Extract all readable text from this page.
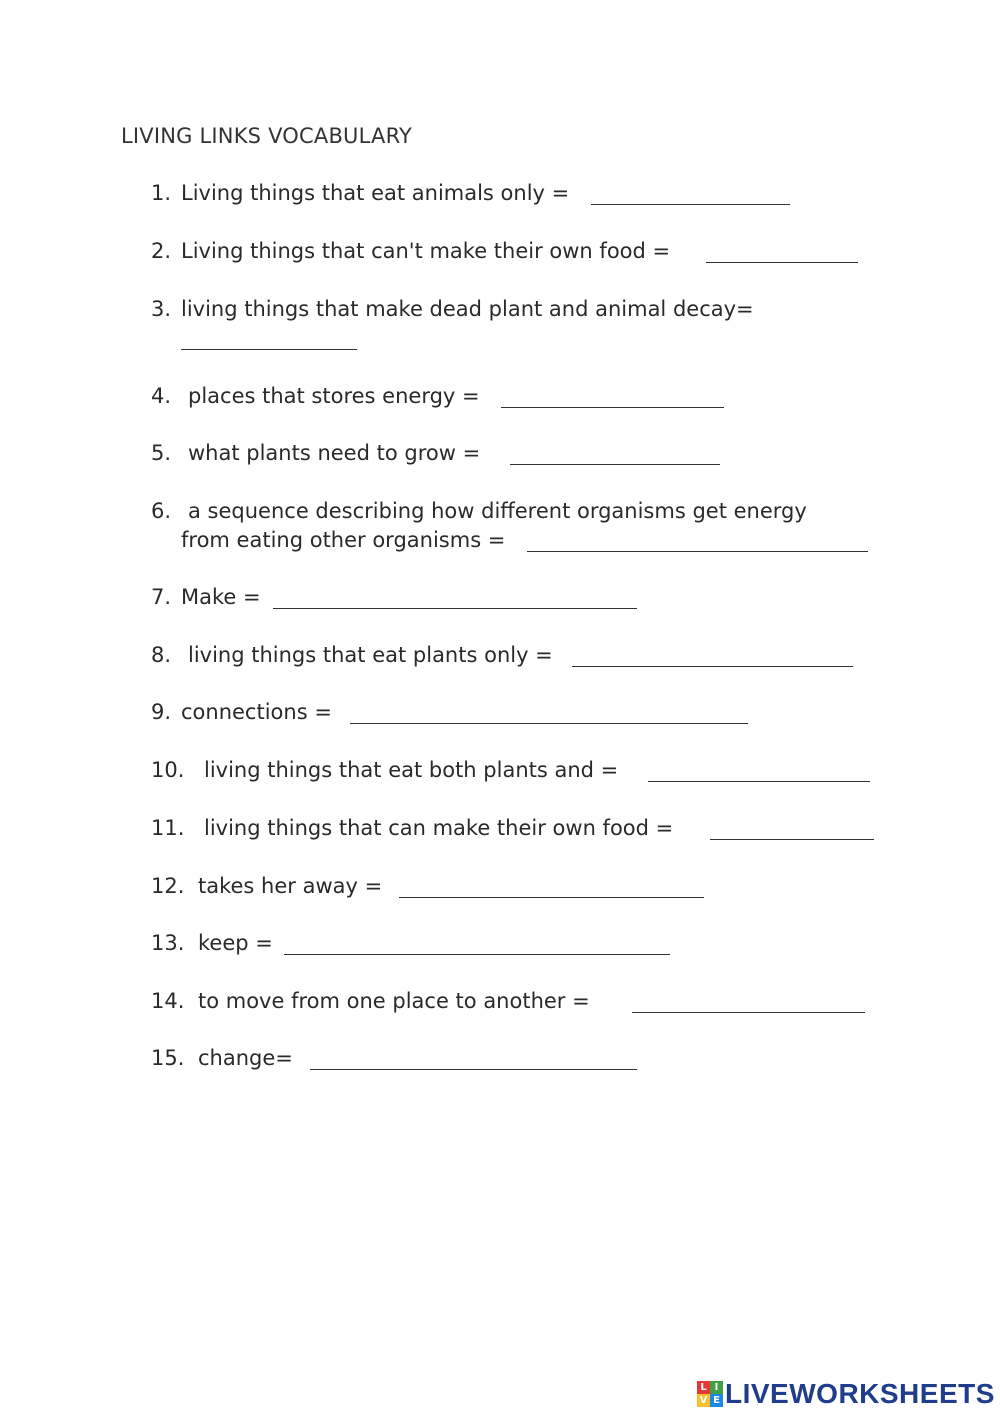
LIVING LINKS VOCABULARY
1. Living things that eat animals only =
2. Living things that can't make their own food =
3. living things that make dead plant and animal decay=
4. places that stores energy =
5. what plants need to grow =
6. a sequence describing how different organisms get energy
from eating other organisms =
7. Make =
8. living things that eat plants only =
9. connections =
10. living things that eat both plants and =
11. living things that can make their own food =
12. takes her away =
13. keep =
14. to move from one place to another =
15. change=
L I
V E LIVEWORKSHEETS
